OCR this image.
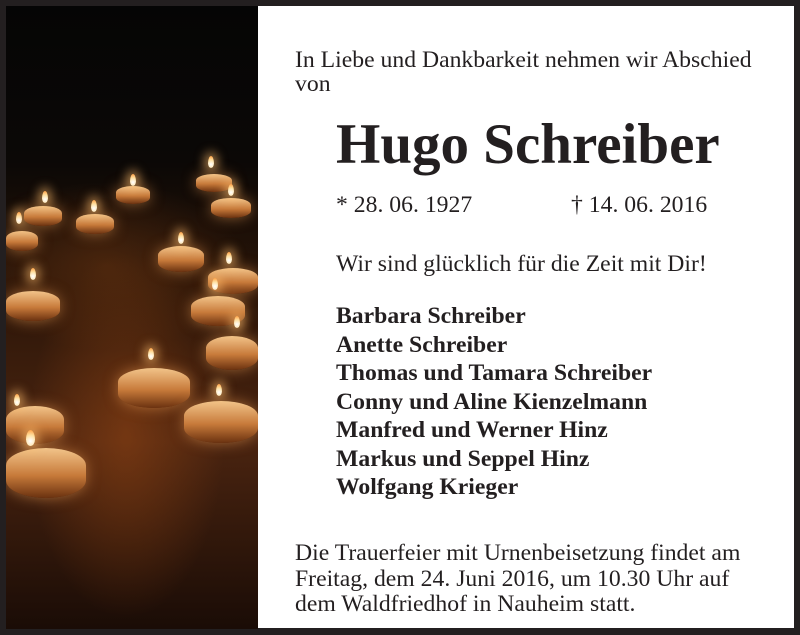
In Liebe und Dankbarkeit nehmen wir Abschied
von
Hugo Schreiber
* 28. 06. 1927	† 14. 06. 2016
Wir sind glücklich für die Zeit mit Dir!
Barbara Schreiber
Anette Schreiber
Thomas und Tamara Schreiber
Conny und Aline Kienzelmann
Manfred und Werner Hinz
Markus und Seppel Hinz
Wolfgang Krieger
Die Trauerfeier mit Urnenbeisetzung findet am
Freitag, dem 24. Juni 2016, um 10.30 Uhr auf
dem Waldfriedhof in Nauheim statt.
